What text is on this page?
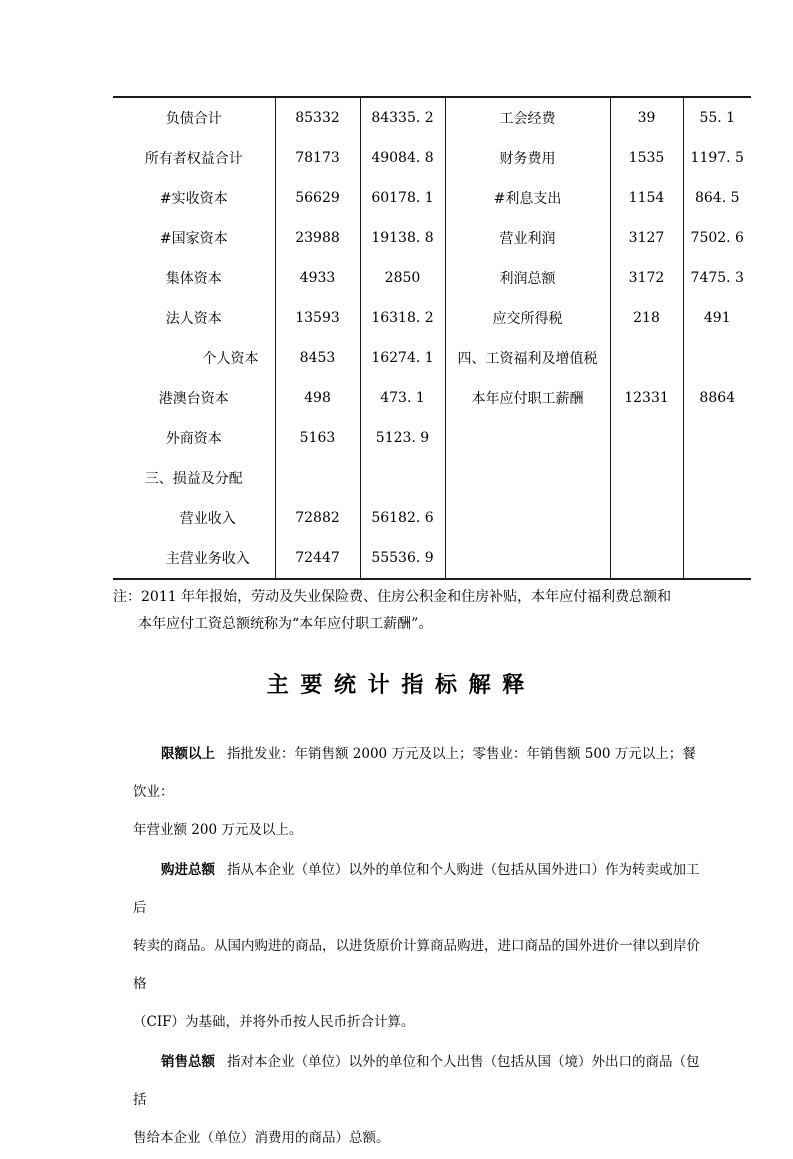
负债合计	85332	84335. 2	工会经费	39	55. 1
所有者权益合计	78173	49084. 8	财务费用	1535	1197. 5
#实收资本	56629	60178. 1	#利息支出	1154	864. 5
#国家资本	23988	19138. 8	营业利润	3127	7502. 6
集体资本	4933	2850	利润总额	3172	7475. 3
法人资本	13593	16318. 2	应交所得税	218	491
个人资本	8453	16274. 1	四、工资福利及增值税		
港澳台资本	498	473. 1	本年应付职工薪酬	12331	8864
外商资本	5163	5123. 9			
三、损益及分配					
营业收入	72882	56182. 6			
主营业务收入	72447	55536. 9			
注：2011 年年报始，劳动及失业保险费、住房公积金和住房补贴，本年应付福利费总额和
本年应付工资总额统称为“本年应付职工薪酬”。
主 要 统 计 指 标 解 释

限额以上 指批发业：年销售额 2000 万元及以上；零售业：年销售额 500 万元以上；餐饮业：
年营业额 200 万元及以上。

购进总额 指从本企业（单位）以外的单位和个人购进（包括从国外进口）作为转卖或加工后
转卖的商品。从国内购进的商品，以进货原价计算商品购进，进口商品的国外进价一律以到岸价格
（CIF）为基础，并将外币按人民币折合计算。

销售总额 指对本企业（单位）以外的单位和个人出售（包括从国（境）外出口的商品（包括
售给本企业（单位）消费用的商品）总额。
